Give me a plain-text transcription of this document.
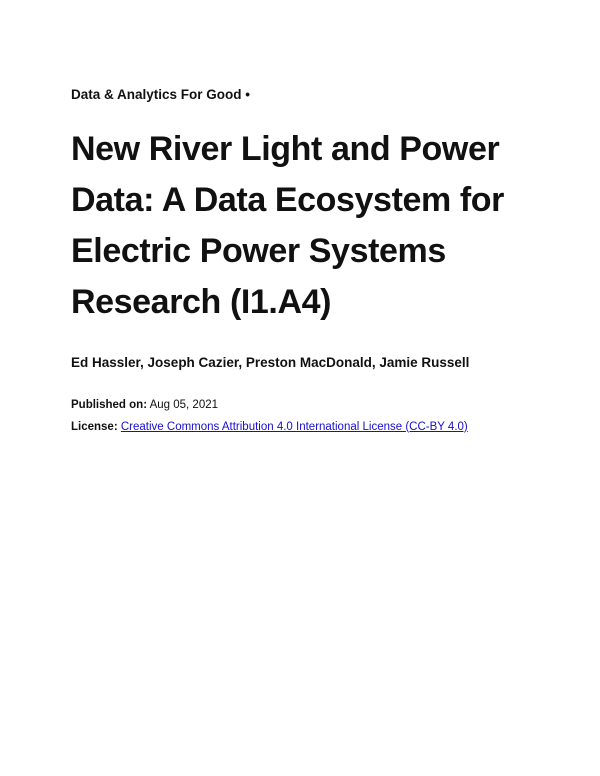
Data & Analytics For Good •

New River Light and Power
Data: A Data Ecosystem for
Electric Power Systems
Research (I1.A4)

Ed Hassler, Joseph Cazier, Preston MacDonald, Jamie Russell

Published on: Aug 05, 2021
License: Creative Commons Attribution 4.0 International License (CC-BY 4.0)
